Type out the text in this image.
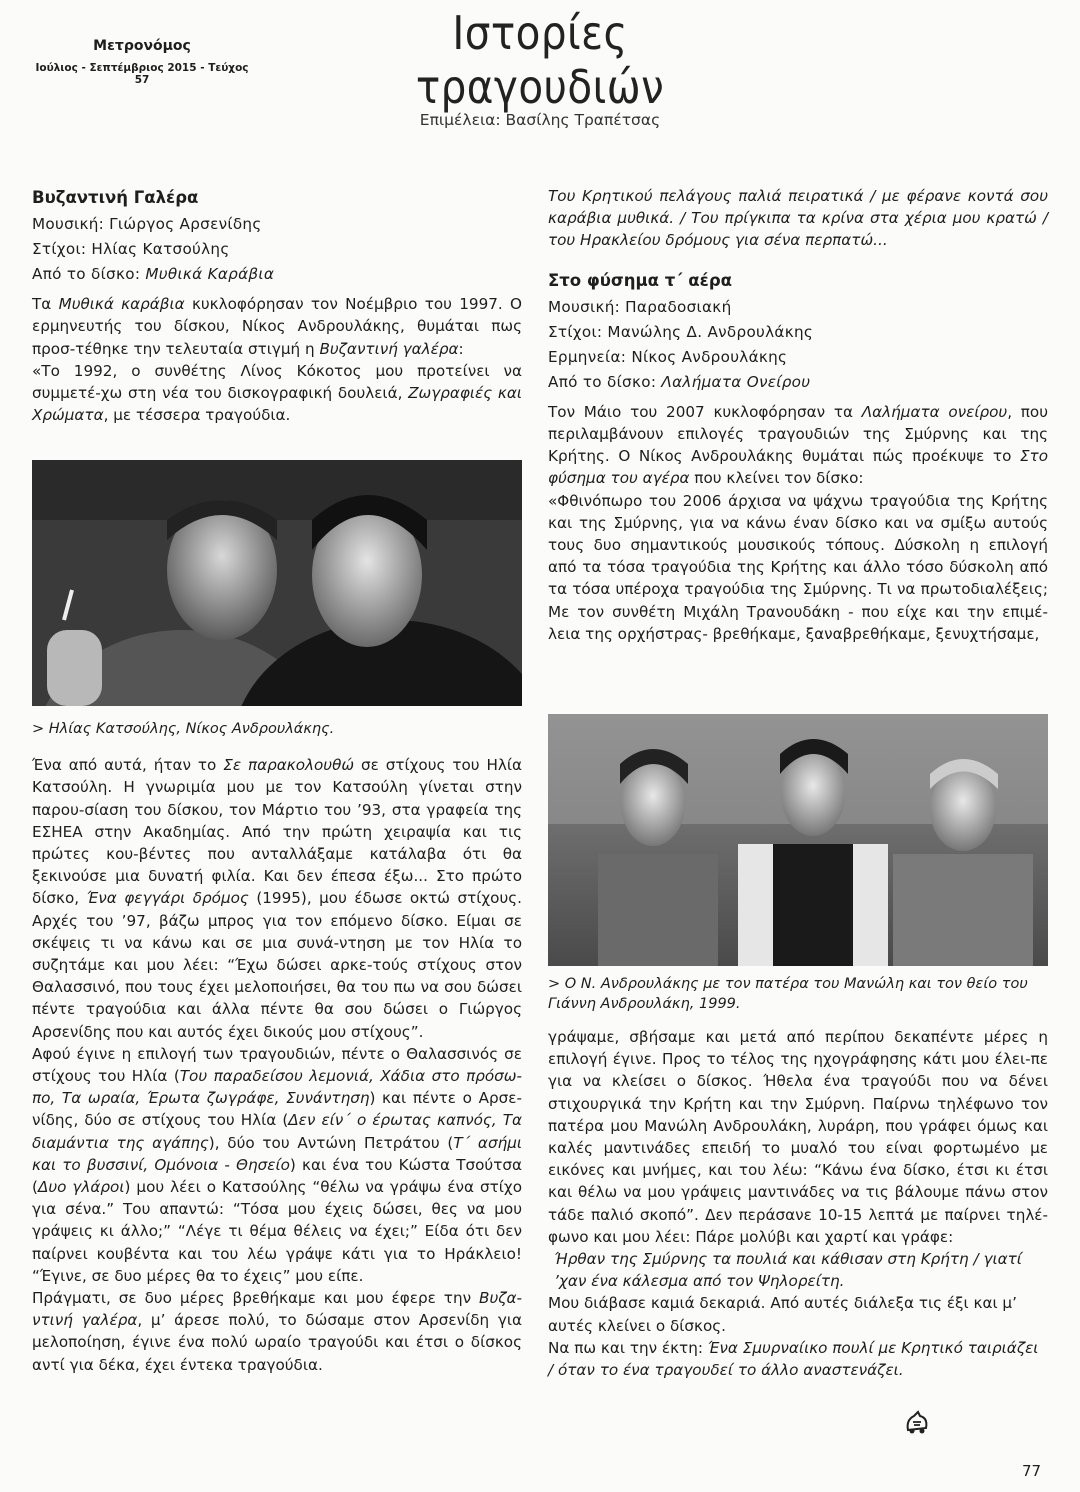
Μετρονόμος
Ιούλιος - Σεπτέμβριος 2015 - Τεύχος 57
Ιστορίες τραγουδιών
Επιμέλεια: Βασίλης Τραπέτσας
Βυζαντινή Γαλέρα

Μουσική: Γιώργος Αρσενίδης

Στίχοι: Ηλίας Κατσούλης

Από το δίσκο: Μυθικά Καράβια

Τα Μυθικά καράβια κυκλοφόρησαν τον Νοέμβριο του 1997. Ο ερμηνευτής του δίσκου, Νίκος Ανδρουλάκης, θυμάται πως προσ-τέθηκε την τελευταία στιγμή η Βυζαντινή γαλέρα:

«Το 1992, ο συνθέτης Λίνος Κόκοτος μου προτείνει να συμμετέ-χω στη νέα του δισκογραφική δουλειά, Ζωγραφιές και Χρώματα, με τέσσερα τραγούδια.

> Ηλίας Κατσούλης, Νίκος Ανδρουλάκης.

Ένα από αυτά, ήταν το Σε παρακολουθώ σε στίχους του Ηλία Κατσούλη. Η γνωριμία μου με τον Κατσούλη γίνεται στην παρου-σίαση του δίσκου, τον Μάρτιο του ’93, στα γραφεία της ΕΣΗΕΑ στην Ακαδημίας. Από την πρώτη χειραψία και τις πρώτες κου-βέντες που ανταλλάξαμε κατάλαβα ότι θα ξεκινούσε μια δυνατή φιλία. Και δεν έπεσα έξω... Στο πρώτο δίσκο, Ένα φεγγάρι δρόμος (1995), μου έδωσε οκτώ στίχους. Αρχές του ’97, βάζω μπρος για τον επόμενο δίσκο. Είμαι σε σκέψεις τι να κάνω και σε μια συνά-ντηση με τον Ηλία το συζητάμε και μου λέει: “Έχω δώσει αρκε-τούς στίχους στον Θαλασσινό, που τους έχει μελοποιήσει, θα του πω να σου δώσει πέντε τραγούδια και άλλα πέντε θα σου δώσει ο Γιώργος Αρσενίδης που και αυτός έχει δικούς μου στίχους”.

Αφού έγινε η επιλογή των τραγουδιών, πέντε ο Θαλασσινός σε στίχους του Ηλία (Του παραδείσου λεμονιά, Χάδια στο πρόσω-πο, Τα ωραία, Έρωτα ζωγράφε, Συνάντηση) και πέντε ο Αρσε-νίδης, δύο σε στίχους του Ηλία (Δεν είν΄ ο έρωτας καπνός, Τα διαμάντια της αγάπης), δύο του Αντώνη Πετράτου (Τ΄ ασήμι και το βυσσινί, Ομόνοια - Θησείο) και ένα του Κώστα Τσούτσα (Δυο γλάροι) μου λέει ο Κατσούλης “θέλω να γράψω ένα στίχο για σένα.” Του απαντώ: “Τόσα μου έχεις δώσει, θες να μου γράψεις κι άλλο;” “Λέγε τι θέμα θέλεις να έχει;” Είδα ότι δεν παίρνει κουβέντα και του λέω γράψε κάτι για το Ηράκλειο! “Έγινε, σε δυο μέρες θα το έχεις” μου είπε.

Πράγματι, σε δυο μέρες βρεθήκαμε και μου έφερε την Βυζα-ντινή γαλέρα, μ’ άρεσε πολύ, το δώσαμε στον Αρσενίδη για μελοποίηση, έγινε ένα πολύ ωραίο τραγούδι και έτσι ο δίσκος αντί για δέκα, έχει έντεκα τραγούδια.

Του Κρητικού πελάγους παλιά πειρατικά / με φέρανε κοντά σου καράβια μυθικά. / Του πρίγκιπα τα κρίνα στα χέρια μου κρατώ / του Ηρακλείου δρόμους για σένα περπατώ...

Στο φύσημα τ΄ αέρα

Μουσική: Παραδοσιακή

Στίχοι: Μανώλης Δ. Ανδρουλάκης

Ερμηνεία: Νίκος Ανδρουλάκης

Από το δίσκο: Λαλήματα Ονείρου

Τον Μάιο του 2007 κυκλοφόρησαν τα Λαλήματα ονείρου, που περιλαμβάνουν επιλογές τραγουδιών της Σμύρνης και της Κρήτης. Ο Νίκος Ανδρουλάκης θυμάται πώς προέκυψε το Στο φύσημα του αγέρα που κλείνει τον δίσκο:

«Φθινόπωρο του 2006 άρχισα να ψάχνω τραγούδια της Κρήτης και της Σμύρνης, για να κάνω έναν δίσκο και να σμίξω αυτούς τους δυο σημαντικούς μουσικούς τόπους. Δύσκολη η επιλογή από τα τόσα τραγούδια της Κρήτης και άλλο τόσο δύσκολη από τα τόσα υπέροχα τραγούδια της Σμύρνης. Τι να πρωτοδιαλέξεις; Με τον συνθέτη Μιχάλη Τρανουδάκη - που είχε και την επιμέ-λεια της ορχήστρας- βρεθήκαμε, ξαναβρεθήκαμε, ξενυχτήσαμε,

> Ο Ν. Ανδρουλάκης με τον πατέρα του Μανώλη και τον θείο του Γιάννη Ανδρουλάκη, 1999.

γράψαμε, σβήσαμε και μετά από περίπου δεκαπέντε μέρες η επιλογή έγινε. Προς το τέλος της ηχογράφησης κάτι μου έλει-πε για να κλείσει ο δίσκος. Ήθελα ένα τραγούδι που να δένει στιχουργικά την Κρήτη και την Σμύρνη. Παίρνω τηλέφωνο τον πατέρα μου Μανώλη Ανδρουλάκη, λυράρη, που γράφει όμως και καλές μαντινάδες επειδή το μυαλό του είναι φορτωμένο με εικόνες και μνήμες, και του λέω: “Κάνω ένα δίσκο, έτσι κι έτσι και θέλω να μου γράψεις μαντινάδες να τις βάλουμε πάνω στον τάδε παλιό σκοπό”. Δεν περάσανε 10-15 λεπτά με παίρνει τηλέ-φωνο και μου λέει: Πάρε μολύβι και χαρτί και γράφε:

Ήρθαν της Σμύρνης τα πουλιά και κάθισαν στη Κρήτη / γιατί ’χαν ένα κάλεσμα από τον Ψηλορείτη.

Μου διάβασε καμιά δεκαριά. Από αυτές διάλεξα τις έξι και μ’ αυτές κλείνει ο δίσκος.

Να πω και την έκτη: Ένα Σμυρναίικο πουλί με Κρητικό ταιριάζει / όταν το ένα τραγουδεί το άλλο αναστενάζει.

77
